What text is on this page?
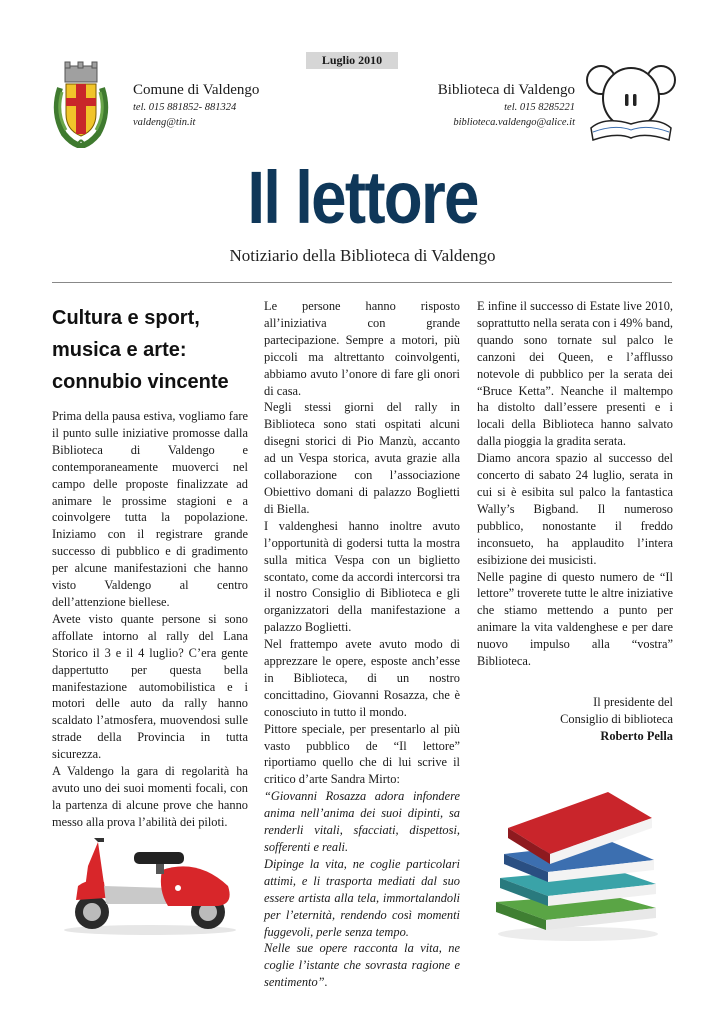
Luglio 2010
Comune di Valdengo
tel. 015 881852- 881324
valdeng@tin.it
Biblioteca di Valdengo
tel. 015 8285221
biblioteca.valdengo@alice.it
Il lettore
Notiziario della Biblioteca di Valdengo
Cultura e sport, musica e arte: connubio vincente

Prima della pausa estiva, vogliamo fare il punto sulle iniziative promosse dalla Biblioteca di Valdengo e contemporaneamente muoverci nel campo delle proposte finalizzate ad animare le prossime stagioni e a coinvolgere tutta la popolazione. Iniziamo con il registrare grande successo di pubblico e di gradimento per alcune manifestazioni che hanno visto Valdengo al centro dell’attenzione biellese.

Avete visto quante persone si sono affollate intorno al rally del Lana Storico il 3 e il 4 luglio? C’era gente dappertutto per questa bella manifestazione automobilistica e i motori delle auto da rally hanno scaldato l’atmosfera, muovendosi sulle strade della Provincia in tutta sicurezza.

A Valdengo la gara di regolarità ha avuto uno dei suoi momenti focali, con la partenza di alcune prove che hanno messo alla prova l’abilità dei piloti.

Le persone hanno risposto all’iniziativa con grande partecipazione. Sempre a motori, più piccoli ma altrettanto coinvolgenti, abbiamo avuto l’onore di fare gli onori di casa.

Negli stessi giorni del rally in Biblioteca sono stati ospitati alcuni disegni storici di Pio Manzù, accanto ad un Vespa storica, avuta grazie alla collaborazione con l’associazione Obiettivo domani di palazzo Boglietti di Biella.

I valdenghesi hanno inoltre avuto l’opportunità di godersi tutta la mostra sulla mitica Vespa con un biglietto scontato, come da accordi intercorsi tra il nostro Consiglio di Biblioteca e gli organizzatori della manifestazione a palazzo Boglietti.

Nel frattempo avete avuto modo di apprezzare le opere, esposte anch’esse in Biblioteca, di un nostro concittadino, Giovanni Rosazza, che è conosciuto in tutto il mondo.

Pittore speciale, per presentarlo al più vasto pubblico de “Il lettore” riportiamo quello che di lui scrive il critico d’arte Sandra Mirto:

“Giovanni Rosazza adora infondere anima nell’anima dei suoi dipinti, sa renderli vitali, sfacciati, dispettosi, sofferenti e reali.

Dipinge la vita, ne coglie particolari attimi, e li trasporta mediati dal suo essere artista alla tela, immortalandoli per l’eternità, rendendo così momenti fuggevoli, perle senza tempo.

Nelle sue opere racconta la vita, ne coglie l’istante che sovrasta ragione e sentimento”.

E infine il successo di Estate live 2010, soprattutto nella serata con i 49% band, quando sono tornate sul palco le canzoni dei Queen, e l’afflusso notevole di pubblico per la serata dei “Bruce Ketta”. Neanche il maltempo ha distolto dall’essere presenti e i locali della Biblioteca hanno salvato dalla pioggia la gradita serata.

Diamo ancora spazio al successo del concerto di sabato 24 luglio, serata in cui si è esibita sul palco la fantastica Wally’s Bigband. Il numeroso pubblico, nonostante il freddo inconsueto, ha applaudito l’intera esibizione dei musicisti.

Nelle pagine di questo numero de “Il lettore” troverete tutte le altre iniziative che stiamo mettendo a punto per animare la vita valdenghese e per dare nuovo impulso alla “vostra” Biblioteca.

Il presidente del
Consiglio di biblioteca
Roberto Pella
